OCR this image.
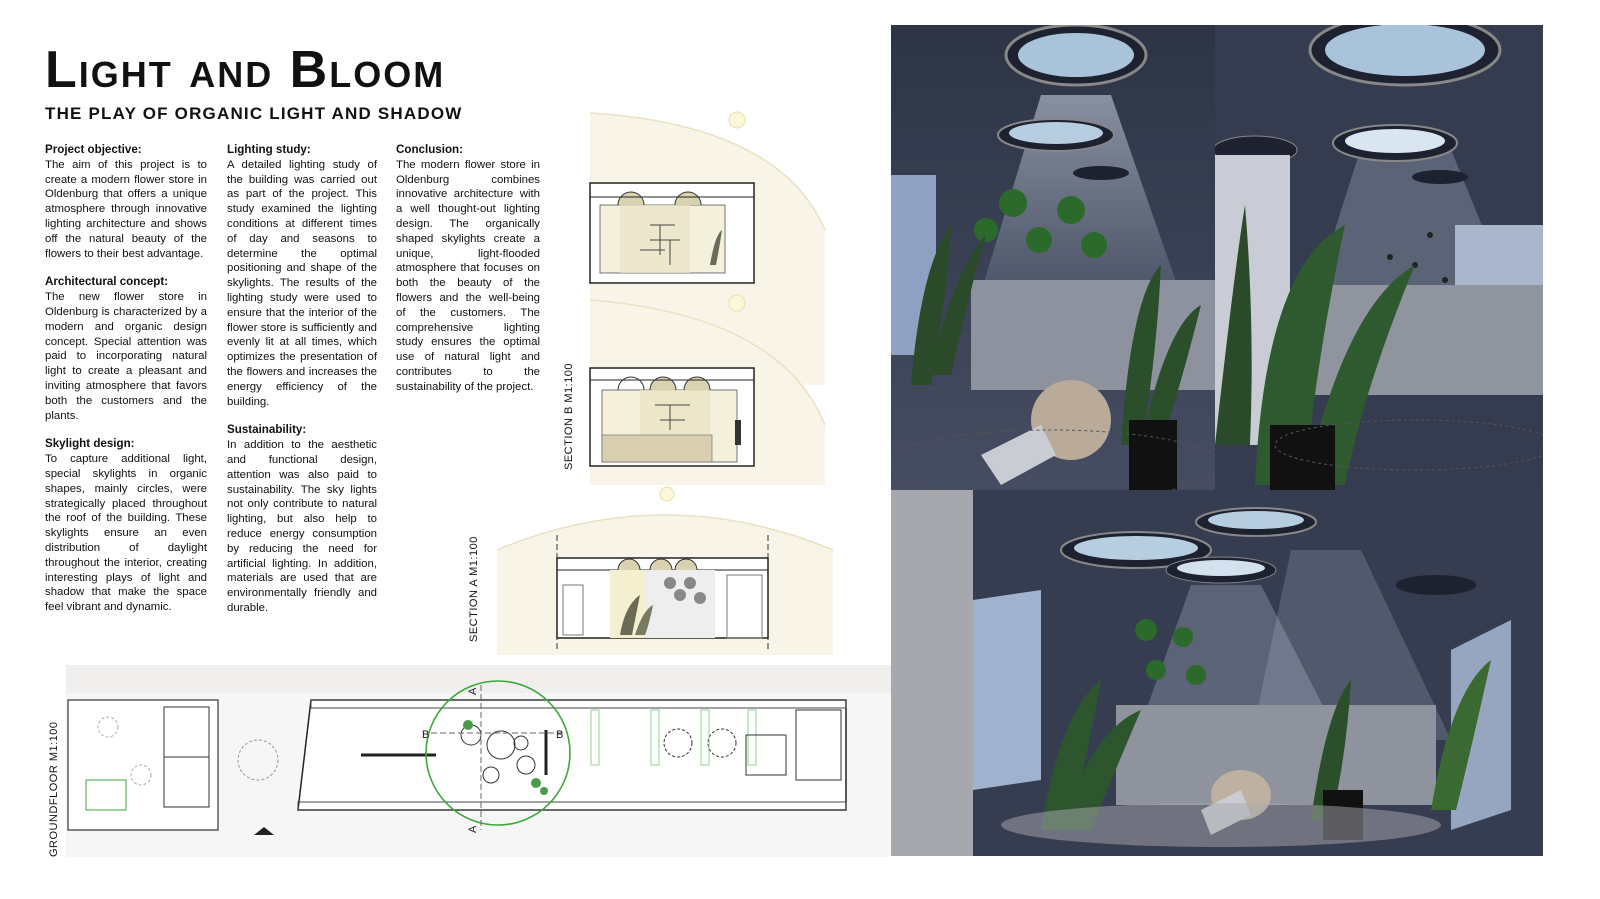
Light and Bloom
THE PLAY OF ORGANIC LIGHT AND SHADOW
Project objective:

The aim of this project is to create a modern flower store in Oldenburg that offers a unique atmosphere through innovative lighting architecture and shows off the natural beauty of the flowers to their best advantage.

Architectural concept:

The new flower store in Oldenburg is characterized by a modern and organic design concept. Special attention was paid to incorporating natural light to create a pleasant and inviting atmosphere that favors both the customers and the plants.

Skylight design:

To capture additional light, special skylights in organic shapes, mainly circles, were strategically placed throughout the roof of the building. These skylights ensure an even distribution of daylight throughout the interior, creating interesting plays of light and shadow that make the space feel vibrant and dynamic.

Lighting study:

A detailed lighting study of the building was carried out as part of the project. This study examined the lighting conditions at different times of day and seasons to determine the optimal positioning and shape of the skylights. The results of the lighting study were used to ensure that the interior of the flower store is sufficiently and evenly lit at all times, which optimizes the presentation of the flowers and increases the energy efficiency of the building.

Sustainability:

In addition to the aesthetic and functional design, attention was also paid to sustainability. The sky lights not only contribute to natural lighting, but also help to reduce energy consumption by reducing the need for artificial lighting. In addition, materials are used that are environmentally friendly and durable.

Conclusion:

The modern flower store in Oldenburg combines innovative architecture with a well thought-out lighting design. The organically shaped skylights create a unique, light-flooded atmosphere that focuses on both the beauty of the flowers and the well-being of the customers. The comprehensive lighting study ensures the optimal use of natural light and contributes to the sustainability of the project.	SECTION B M1:100
SECTION A M1:100
GROUNDFLOOR M1:100
A
A
B	B
